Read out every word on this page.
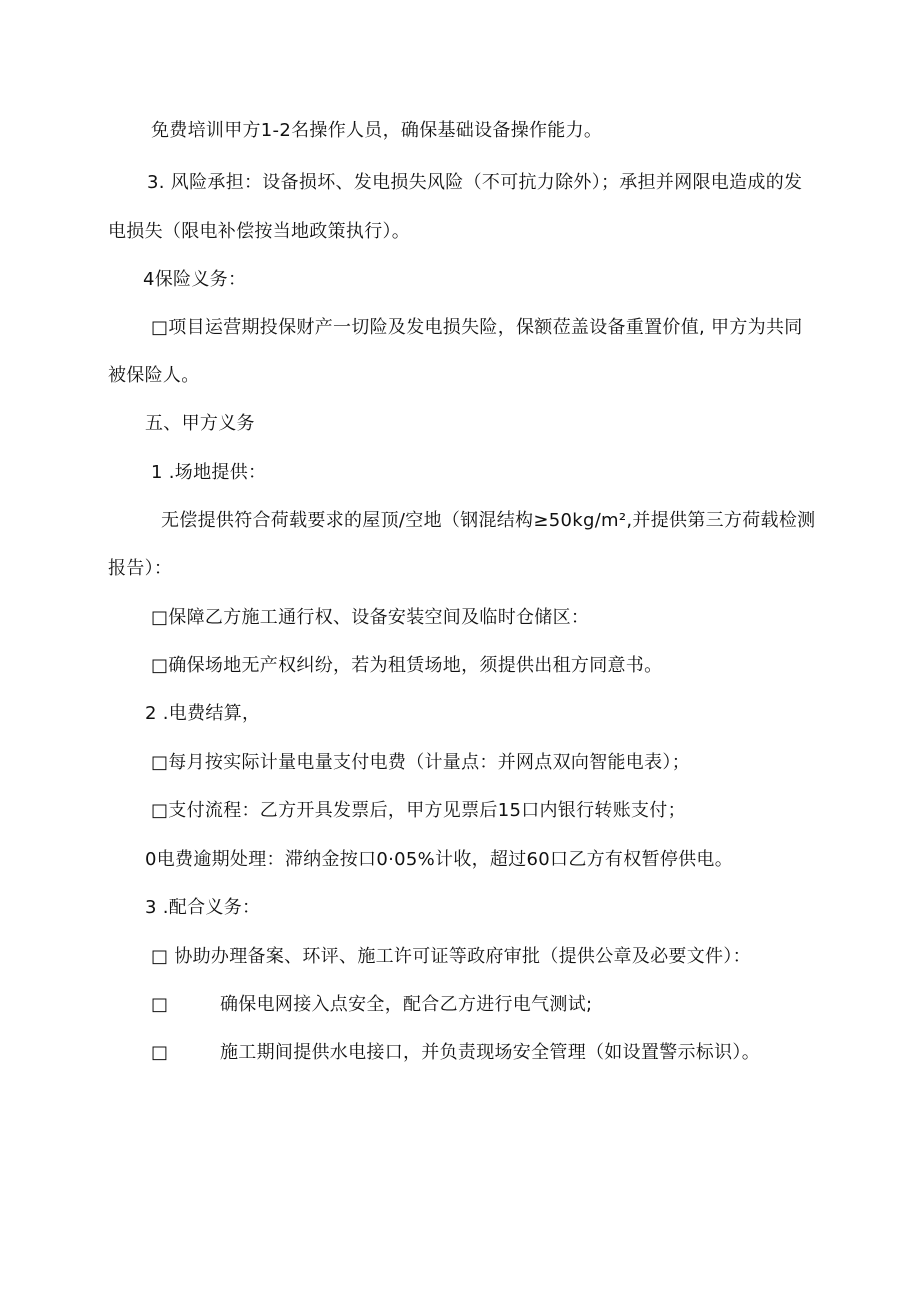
免费培训甲方1-2名操作人员，确保基础设备操作能力。
3. 风险承担：设备损坏、发电损失风险（不可抗力除外）；承担并网限电造成的发
电损失（限电补偿按当地政策执行）。
4保险义务：
□项目运营期投保财产一切险及发电损失险，保额莅盖设备重置价值, 甲方为共同
被保险人。
五、甲方义务
1 .场地提供：
无偿提供符合荷载要求的屋顶/空地（钢混结构≥50kg∕m²,并提供第三方荷载检测
报告）：
□保障乙方施工通行权、设备安装空间及临时仓储区：
□确保场地无产权纠纷，若为租赁场地，须提供出租方同意书。
2 .电费结算，
□每月按实际计量电量支付电费（计量点：并网点双向智能电表）；
□支付流程：乙方开具发票后，甲方见票后15口内银行转账支付；
0电费逾期处理：滞纳金按口0·05%计收，超过60口乙方有权暂停供电。
3 .配合义务：
□ 协助办理备案、环评、施工许可证等政府审批（提供公章及必要文件）：
□	确保电网接入点安全，配合乙方进行电气测试;
□	施工期间提供水电接口，并负责现场安全管理（如设置警示标识）。
